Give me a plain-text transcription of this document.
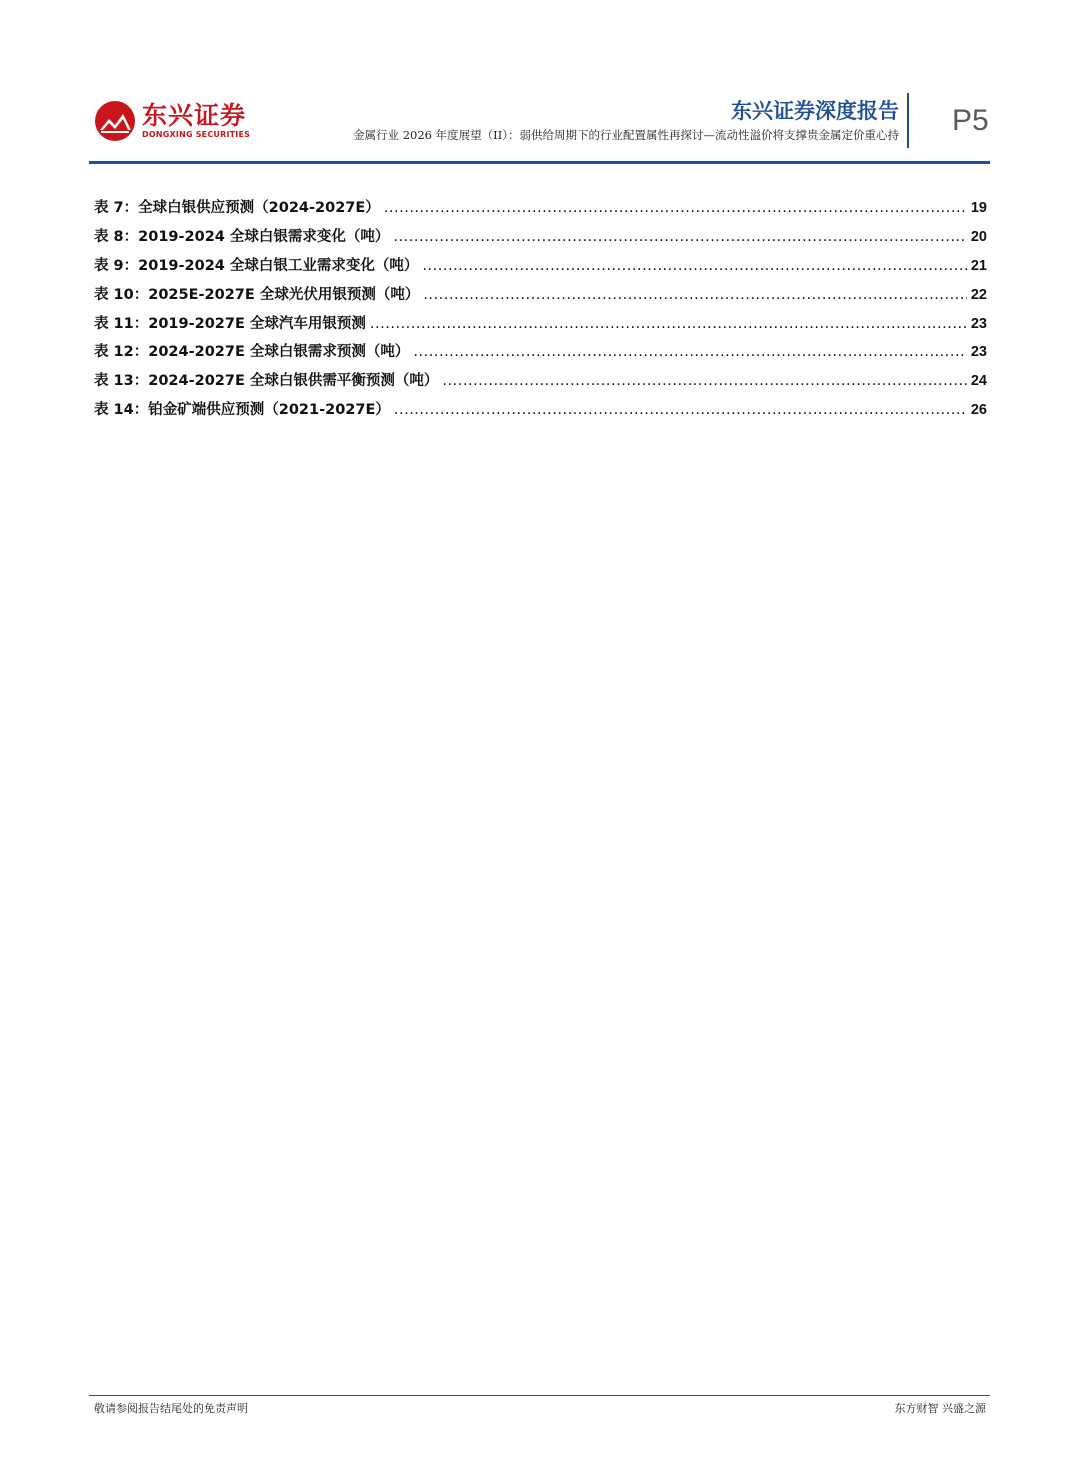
东兴证券
DONGXING SECURITIES
东兴证券深度报告
金属行业 2026 年度展望（II）：弱供给周期下的行业配置属性再探讨—流动性溢价将支撑贵金属定价重心持 P5
表 7： 全球白银供应预测（2024-2027E） .....	19
表 8： 2019-2024 全球白银需求变化（吨） .....	20
表 9： 2019-2024 全球白银工业需求变化（吨） .....	21
表 10： 2025E-2027E 全球光伏用银预测（吨） .....	22
表 11： 2019-2027E 全球汽车用银预测 .....	23
表 12： 2024-2027E 全球白银需求预测（吨） .....	23
表 13： 2024-2027E 全球白银供需平衡预测（吨） .....	24
表 14： 铂金矿端供应预测（2021-2027E） .....	26
敬请参阅报告结尾处的免责声明	东方财智 兴盛之源
